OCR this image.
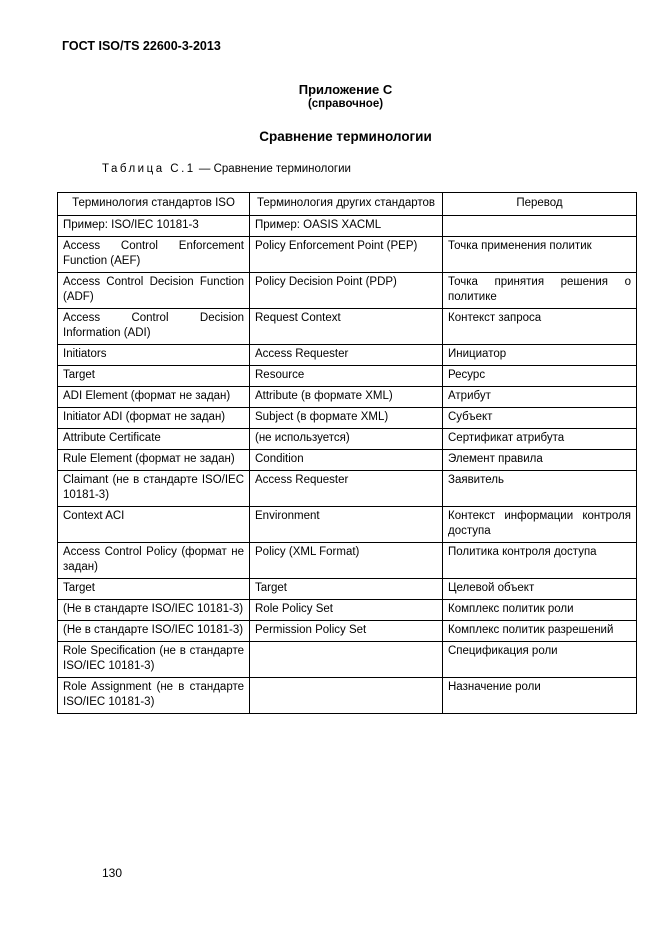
ГОСТ ISO/TS 22600-3-2013
Приложение С
(справочное)
Сравнение терминологии
Таблица С.1 — Сравнение терминологии
Терминология стандартов ISO	Терминология других стандартов	Перевод
Пример: ISO/IEC 10181-3	Пример: OASIS XACML	
Access Control Enforcement Function (AEF)	Policy Enforcement Point (PEP)	Точка применения политик
Access Control Decision Function (ADF)	Policy Decision Point (PDP)	Точка принятия решения о политике
Access Control Decision Information (ADI)	Request Context	Контекст запроса
Initiators	Access Requester	Инициатор
Target	Resource	Ресурс
ADI Element (формат не задан)	Attribute (в формате XML)	Атрибут
Initiator ADI (формат не задан)	Subject (в формате XML)	Субъект
Attribute Certificate	(не используется)	Сертификат атрибута
Rule Element (формат не задан)	Condition	Элемент правила
Claimant (не в стандарте ISO/IEC 10181-3)	Access Requester	Заявитель
Context ACI	Environment	Контекст информации контроля доступа
Access Control Policy (формат не задан)	Policy (XML Format)	Политика контроля доступа
Target	Target	Целевой объект
(Не в стандарте ISO/IEC 10181-3)	Role Policy Set	Комплекс политик роли
(Не в стандарте ISO/IEC 10181-3)	Permission Policy Set	Комплекс политик разрешений
Role Specification (не в стандарте ISO/IEC 10181-3)		Спецификация роли
Role Assignment (не в стандарте ISO/IEC 10181-3)		Назначение роли
130
